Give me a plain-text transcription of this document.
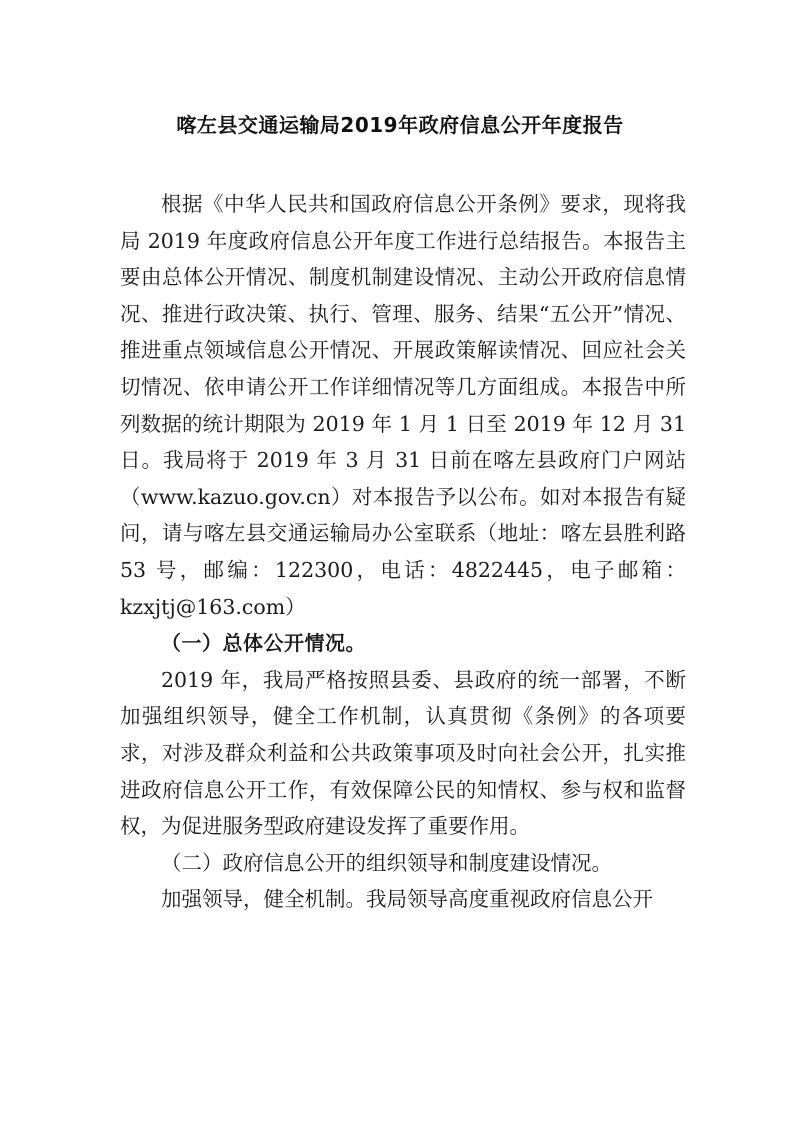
喀左县交通运输局2019年政府信息公开年度报告

根据《中华人民共和国政府信息公开条例》要求，现将我局 2019 年度政府信息公开年度工作进行总结报告。本报告主要由总体公开情况、制度机制建设情况、主动公开政府信息情况、推进行政决策、执行、管理、服务、结果“五公开”情况、推进重点领域信息公开情况、开展政策解读情况、回应社会关切情况、依申请公开工作详细情况等几方面组成。本报告中所列数据的统计期限为 2019 年 1 月 1 日至 2019 年 12 月 31 日。我局将于 2019 年 3 月 31 日前在喀左县政府门户网站（www.kazuo.gov.cn）对本报告予以公布。如对本报告有疑问，请与喀左县交通运输局办公室联系（地址：喀左县胜利路 53 号，邮编：122300，电话：4822445，电子邮箱：kzxjtj@163.com）

（一）总体公开情况。

2019 年，我局严格按照县委、县政府的统一部署，不断加强组织领导，健全工作机制，认真贯彻《条例》的各项要求，对涉及群众利益和公共政策事项及时向社会公开，扎实推进政府信息公开工作，有效保障公民的知情权、参与权和监督权，为促进服务型政府建设发挥了重要作用。

（二）政府信息公开的组织领导和制度建设情况。

加强领导，健全机制。我局领导高度重视政府信息公开
